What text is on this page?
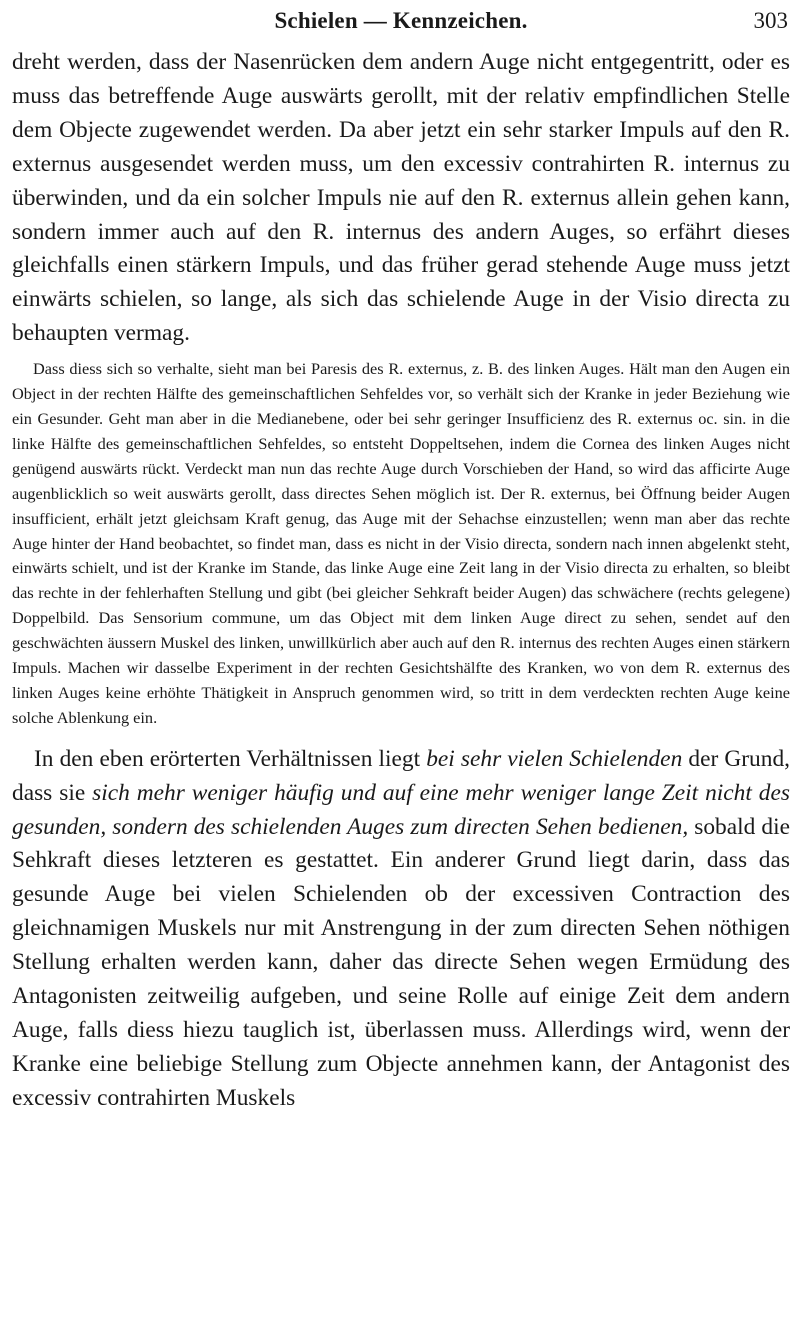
Schielen — Kennzeichen.	303

dreht werden, dass der Nasenrücken dem andern Auge nicht entgegentritt, oder es muss das betreffende Auge auswärts gerollt, mit der relativ empfindlichen Stelle dem Objecte zugewendet werden. Da aber jetzt ein sehr starker Impuls auf den R. externus ausgesendet werden muss, um den excessiv contrahirten R. internus zu überwinden, und da ein solcher Impuls nie auf den R. externus allein gehen kann, sondern immer auch auf den R. internus des andern Auges, so erfährt dieses gleichfalls einen stärkern Impuls, und das früher gerad stehende Auge muss jetzt einwärts schielen, so lange, als sich das schielende Auge in der Visio directa zu behaupten vermag.

Dass diess sich so verhalte, sieht man bei Paresis des R. externus, z. B. des linken Auges. Hält man den Augen ein Object in der rechten Hälfte des gemeinschaftlichen Sehfeldes vor, so verhält sich der Kranke in jeder Beziehung wie ein Gesunder. Geht man aber in die Medianebene, oder bei sehr geringer Insufficienz des R. externus oc. sin. in die linke Hälfte des gemeinschaftlichen Sehfeldes, so entsteht Doppeltsehen, indem die Cornea des linken Auges nicht genügend auswärts rückt. Verdeckt man nun das rechte Auge durch Vorschieben der Hand, so wird das afficirte Auge augenblicklich so weit auswärts gerollt, dass directes Sehen möglich ist. Der R. externus, bei Öffnung beider Augen insufficient, erhält jetzt gleichsam Kraft genug, das Auge mit der Sehachse einzustellen; wenn man aber das rechte Auge hinter der Hand beobachtet, so findet man, dass es nicht in der Visio directa, sondern nach innen abgelenkt steht, einwärts schielt, und ist der Kranke im Stande, das linke Auge eine Zeit lang in der Visio directa zu erhalten, so bleibt das rechte in der fehlerhaften Stellung und gibt (bei gleicher Sehkraft beider Augen) das schwächere (rechts gelegene) Doppelbild. Das Sensorium commune, um das Object mit dem linken Auge direct zu sehen, sendet auf den geschwächten äussern Muskel des linken, unwillkürlich aber auch auf den R. internus des rechten Auges einen stärkern Impuls. Machen wir dasselbe Experiment in der rechten Gesichtshälfte des Kranken, wo von dem R. externus des linken Auges keine erhöhte Thätigkeit in Anspruch genommen wird, so tritt in dem verdeckten rechten Auge keine solche Ablenkung ein.

In den eben erörterten Verhältnissen liegt bei sehr vielen Schielenden der Grund, dass sie sich mehr weniger häufig und auf eine mehr weniger lange Zeit nicht des gesunden, sondern des schielenden Auges zum directen Sehen bedienen, sobald die Sehkraft dieses letzteren es gestattet. Ein anderer Grund liegt darin, dass das gesunde Auge bei vielen Schielenden ob der excessiven Contraction des gleichnamigen Muskels nur mit Anstrengung in der zum directen Sehen nöthigen Stellung erhalten werden kann, daher das directe Sehen wegen Ermüdung des Antagonisten zeitweilig aufgeben, und seine Rolle auf einige Zeit dem andern Auge, falls diess hiezu tauglich ist, überlassen muss. Allerdings wird, wenn der Kranke eine beliebige Stellung zum Objecte annehmen kann, der Antagonist des excessiv contrahirten Muskels
